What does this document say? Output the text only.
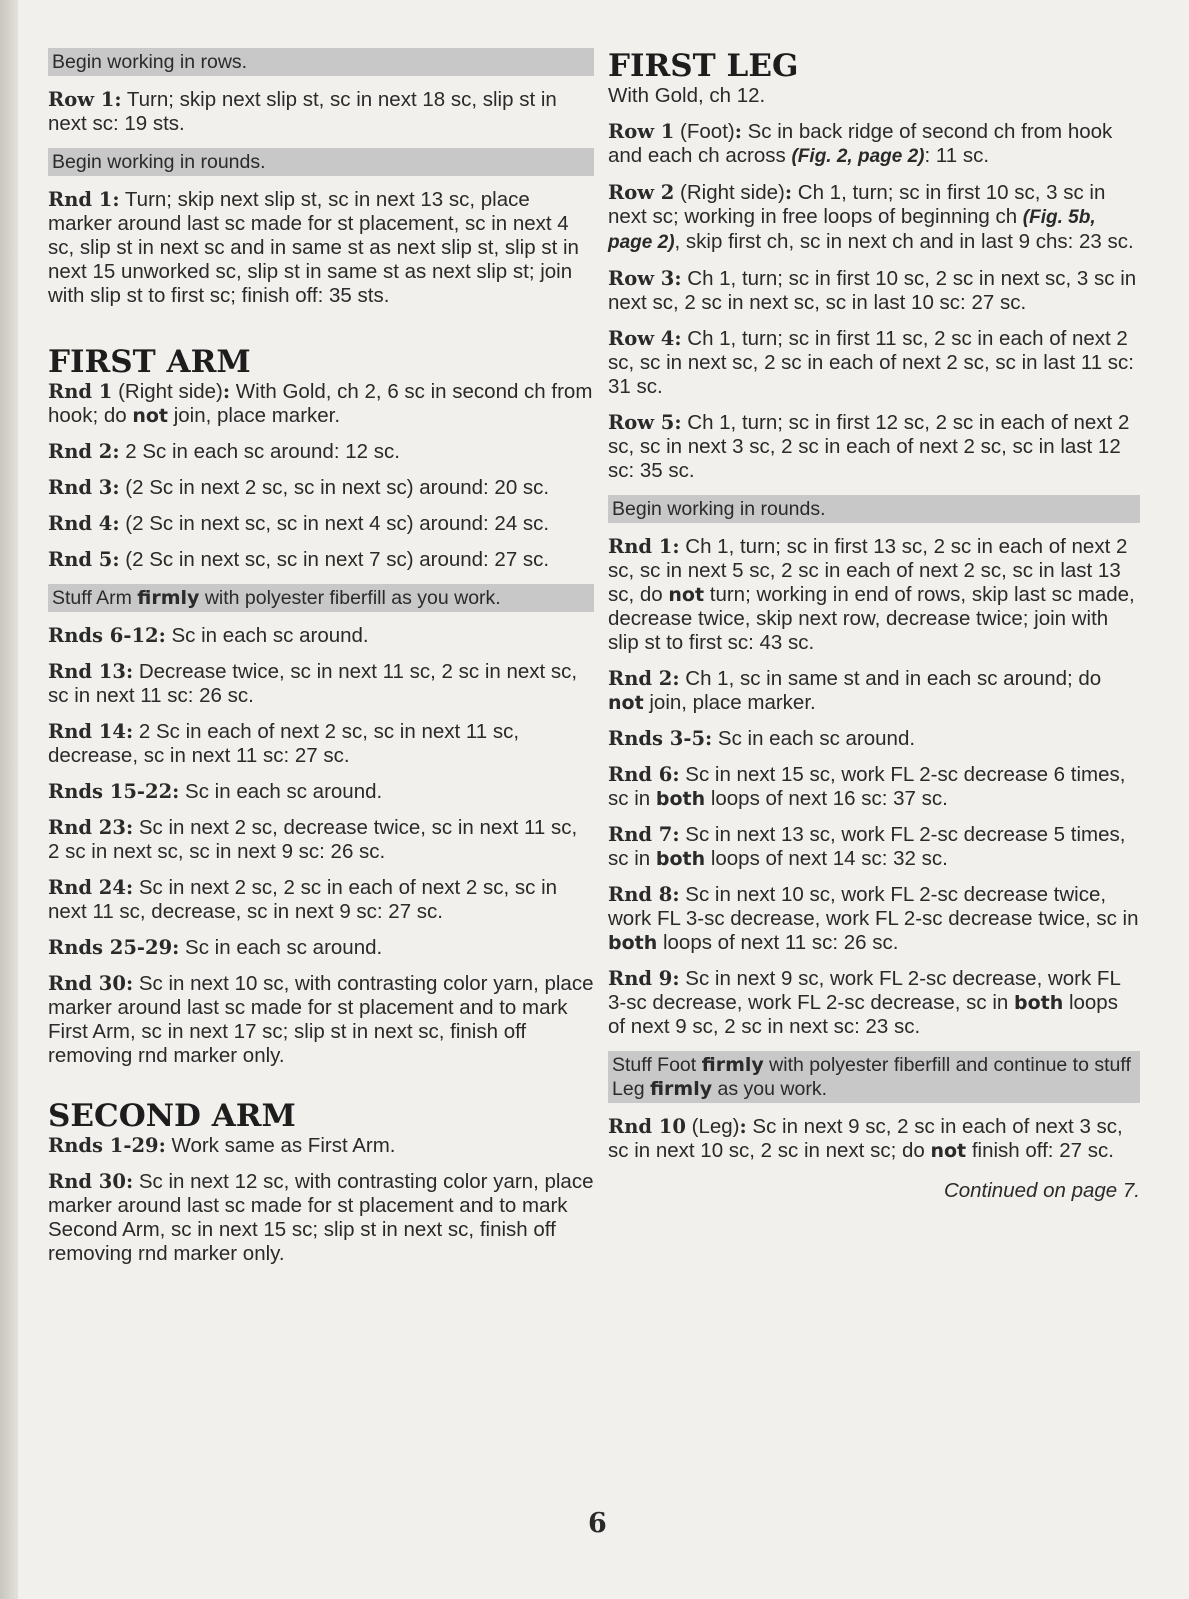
Begin working in rows.

Row 1: Turn; skip next slip st, sc in next 18 sc, slip st in next sc: 19 sts.

Begin working in rounds.

Rnd 1: Turn; skip next slip st, sc in next 13 sc, place marker around last sc made for st placement, sc in next 4 sc, slip st in next sc and in same st as next slip st, slip st in next 15 unworked sc, slip st in same st as next slip st; join with slip st to first sc; finish off: 35 sts.

FIRST ARM

Rnd 1 (Right side): With Gold, ch 2, 6 sc in second ch from hook; do not join, place marker.

Rnd 2: 2 Sc in each sc around: 12 sc.

Rnd 3: (2 Sc in next 2 sc, sc in next sc) around: 20 sc.

Rnd 4: (2 Sc in next sc, sc in next 4 sc) around: 24 sc.

Rnd 5: (2 Sc in next sc, sc in next 7 sc) around: 27 sc.

Stuff Arm firmly with polyester fiberfill as you work.

Rnds 6-12: Sc in each sc around.

Rnd 13: Decrease twice, sc in next 11 sc, 2 sc in next sc, sc in next 11 sc: 26 sc.

Rnd 14: 2 Sc in each of next 2 sc, sc in next 11 sc, decrease, sc in next 11 sc: 27 sc.

Rnds 15-22: Sc in each sc around.

Rnd 23: Sc in next 2 sc, decrease twice, sc in next 11 sc, 2 sc in next sc, sc in next 9 sc: 26 sc.

Rnd 24: Sc in next 2 sc, 2 sc in each of next 2 sc, sc in next 11 sc, decrease, sc in next 9 sc: 27 sc.

Rnds 25-29: Sc in each sc around.

Rnd 30: Sc in next 10 sc, with contrasting color yarn, place marker around last sc made for st placement and to mark First Arm, sc in next 17 sc; slip st in next sc, finish off removing rnd marker only.

SECOND ARM

Rnds 1-29: Work same as First Arm.

Rnd 30: Sc in next 12 sc, with contrasting color yarn, place marker around last sc made for st placement and to mark Second Arm, sc in next 15 sc; slip st in next sc, finish off removing rnd marker only.

FIRST LEG

With Gold, ch 12.

Row 1 (Foot): Sc in back ridge of second ch from hook and each ch across (Fig. 2, page 2): 11 sc.

Row 2 (Right side): Ch 1, turn; sc in first 10 sc, 3 sc in next sc; working in free loops of beginning ch (Fig. 5b, page 2), skip first ch, sc in next ch and in last 9 chs: 23 sc.

Row 3: Ch 1, turn; sc in first 10 sc, 2 sc in next sc, 3 sc in next sc, 2 sc in next sc, sc in last 10 sc: 27 sc.

Row 4: Ch 1, turn; sc in first 11 sc, 2 sc in each of next 2 sc, sc in next sc, 2 sc in each of next 2 sc, sc in last 11 sc: 31 sc.

Row 5: Ch 1, turn; sc in first 12 sc, 2 sc in each of next 2 sc, sc in next 3 sc, 2 sc in each of next 2 sc, sc in last 12 sc: 35 sc.

Begin working in rounds.

Rnd 1: Ch 1, turn; sc in first 13 sc, 2 sc in each of next 2 sc, sc in next 5 sc, 2 sc in each of next 2 sc, sc in last 13 sc, do not turn; working in end of rows, skip last sc made, decrease twice, skip next row, decrease twice; join with slip st to first sc: 43 sc.

Rnd 2: Ch 1, sc in same st and in each sc around; do not join, place marker.

Rnds 3-5: Sc in each sc around.

Rnd 6: Sc in next 15 sc, work FL 2-sc decrease 6 times, sc in both loops of next 16 sc: 37 sc.

Rnd 7: Sc in next 13 sc, work FL 2-sc decrease 5 times, sc in both loops of next 14 sc: 32 sc.

Rnd 8: Sc in next 10 sc, work FL 2-sc decrease twice, work FL 3-sc decrease, work FL 2-sc decrease twice, sc in both loops of next 11 sc: 26 sc.

Rnd 9: Sc in next 9 sc, work FL 2-sc decrease, work FL 3-sc decrease, work FL 2-sc decrease, sc in both loops of next 9 sc, 2 sc in next sc: 23 sc.

Stuff Foot firmly with polyester fiberfill and continue to stuff Leg firmly as you work.

Rnd 10 (Leg): Sc in next 9 sc, 2 sc in each of next 3 sc, sc in next 10 sc, 2 sc in next sc; do not finish off: 27 sc.

Continued on page 7.

6
